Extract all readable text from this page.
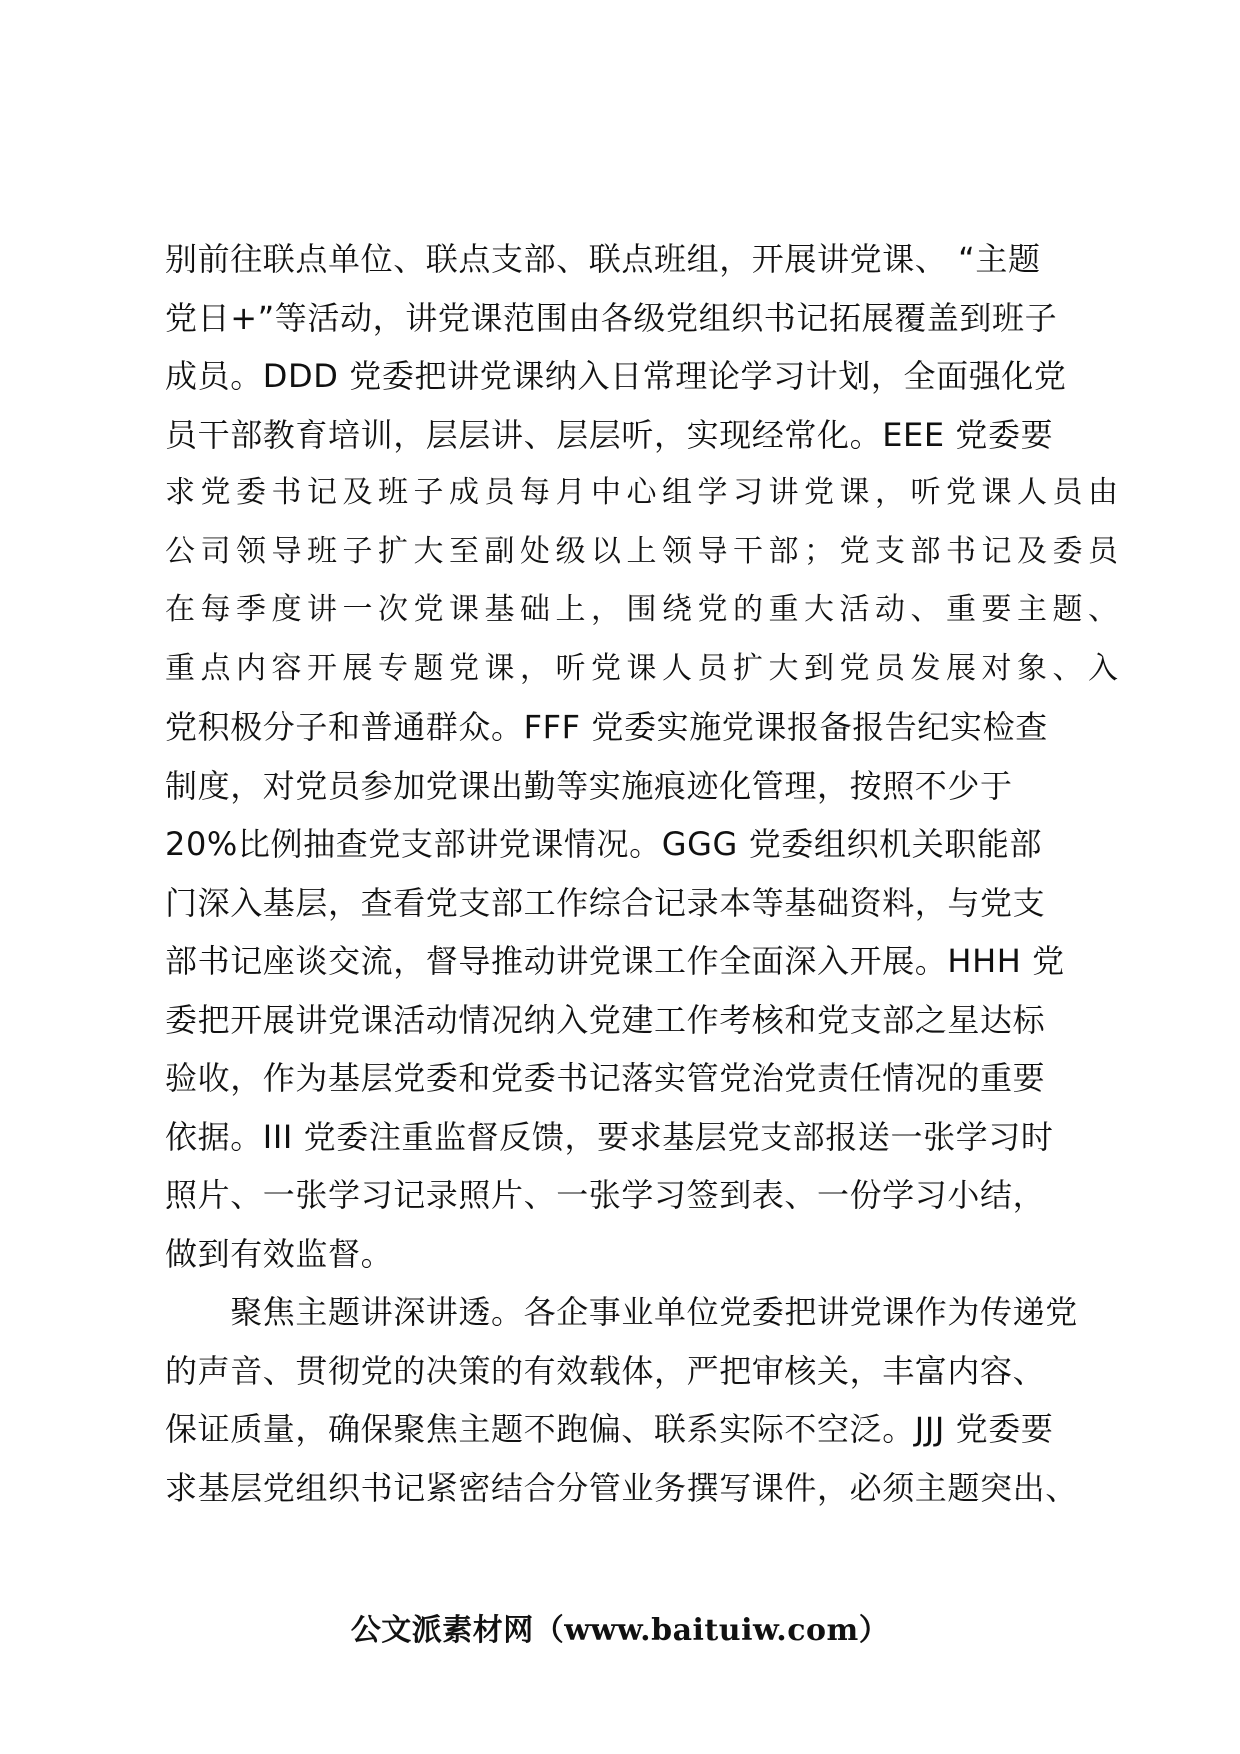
别前往联点单位、联点支部、联点班组，开展讲党课、 “主题
党日+”等活动，讲党课范围由各级党组织书记拓展覆盖到班子
成员。DDD 党委把讲党课纳入日常理论学习计划，全面强化党
员干部教育培训，层层讲、层层听，实现经常化。EEE 党委要
求党委书记及班子成员每月中心组学习讲党课，听党课人员由
公司领导班子扩大至副处级以上领导干部；党支部书记及委员
在每季度讲一次党课基础上，围绕党的重大活动、重要主题、
重点内容开展专题党课，听党课人员扩大到党员发展对象、入
党积极分子和普通群众。FFF 党委实施党课报备报告纪实检查
制度，对党员参加党课出勤等实施痕迹化管理，按照不少于
20%比例抽查党支部讲党课情况。GGG 党委组织机关职能部
门深入基层，查看党支部工作综合记录本等基础资料，与党支
部书记座谈交流，督导推动讲党课工作全面深入开展。HHH 党
委把开展讲党课活动情况纳入党建工作考核和党支部之星达标
验收，作为基层党委和党委书记落实管党治党责任情况的重要
依据。III 党委注重监督反馈，要求基层党支部报送一张学习时
照片、一张学习记录照片、一张学习签到表、一份学习小结，
做到有效监督。
　　聚焦主题讲深讲透。各企事业单位党委把讲党课作为传递党
的声音、贯彻党的决策的有效载体，严把审核关，丰富内容、
保证质量，确保聚焦主题不跑偏、联系实际不空泛。JJJ 党委要
求基层党组织书记紧密结合分管业务撰写课件，必须主题突出、
公文派素材网（www.baituiw.com）
